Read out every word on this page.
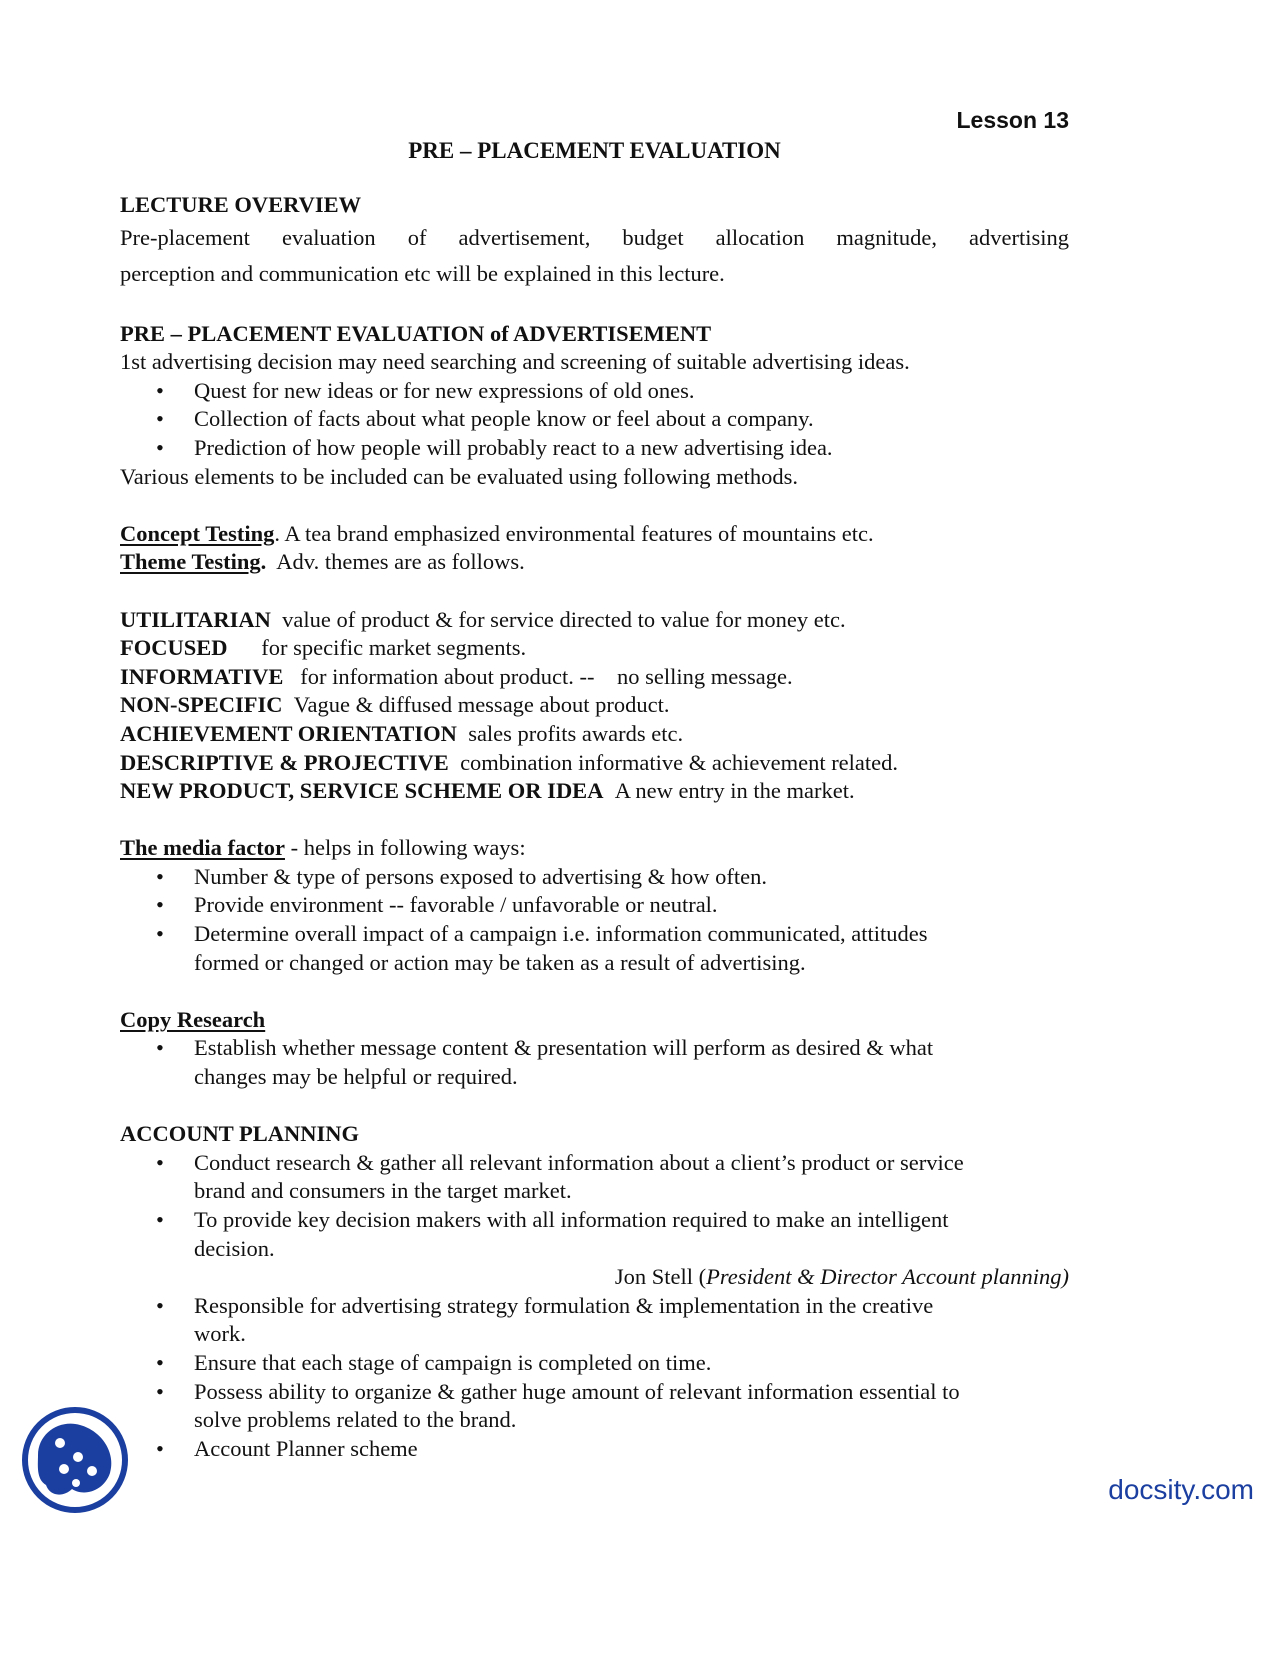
Lesson 13
PRE – PLACEMENT EVALUATION
LECTURE OVERVIEW
Pre-placement evaluation of advertisement, budget allocation magnitude, advertising
perception and communication etc will be explained in this lecture.
PRE – PLACEMENT EVALUATION of ADVERTISEMENT
1st advertising decision may need searching and screening of suitable advertising ideas.
•	Quest for new ideas or for new expressions of old ones.
•	Collection of facts about what people know or feel about a company.
•	Prediction of how people will probably react to a new advertising idea.
Various elements to be included can be evaluated using following methods.
Concept Testing. A tea brand emphasized environmental features of mountains etc.
Theme Testing.  Adv. themes are as follows.
UTILITARIAN value of product & for service directed to value for money etc.
FOCUSED for specific market segments.
INFORMATIVE for information about product. --    no selling message.
NON-SPECIFIC Vague & diffused message about product.
ACHIEVEMENT ORIENTATION sales profits awards etc.
DESCRIPTIVE & PROJECTIVE combination informative & achievement related.
NEW PRODUCT, SERVICE SCHEME OR IDEA A new entry in the market.
The media factor - helps in following ways:
•	Number & type of persons exposed to advertising & how often.
•	Provide environment -- favorable / unfavorable or neutral.
•	Determine overall impact of a campaign i.e. information communicated, attitudes
formed or changed or action may be taken as a result of advertising.
Copy Research
•	Establish whether message content & presentation will perform as desired & what
changes may be helpful or required.
ACCOUNT PLANNING
•	Conduct research & gather all relevant information about a client’s product or service
brand and consumers in the target market.
•	To provide key decision makers with all information required to make an intelligent
decision.
Jon Stell (President & Director Account planning)
•	Responsible for advertising strategy formulation & implementation in the creative
work.
•	Ensure that each stage of campaign is completed on time.
•	Possess ability to organize & gather huge amount of relevant information essential to
solve problems related to the brand.
•	Account Planner scheme
docsity.com
